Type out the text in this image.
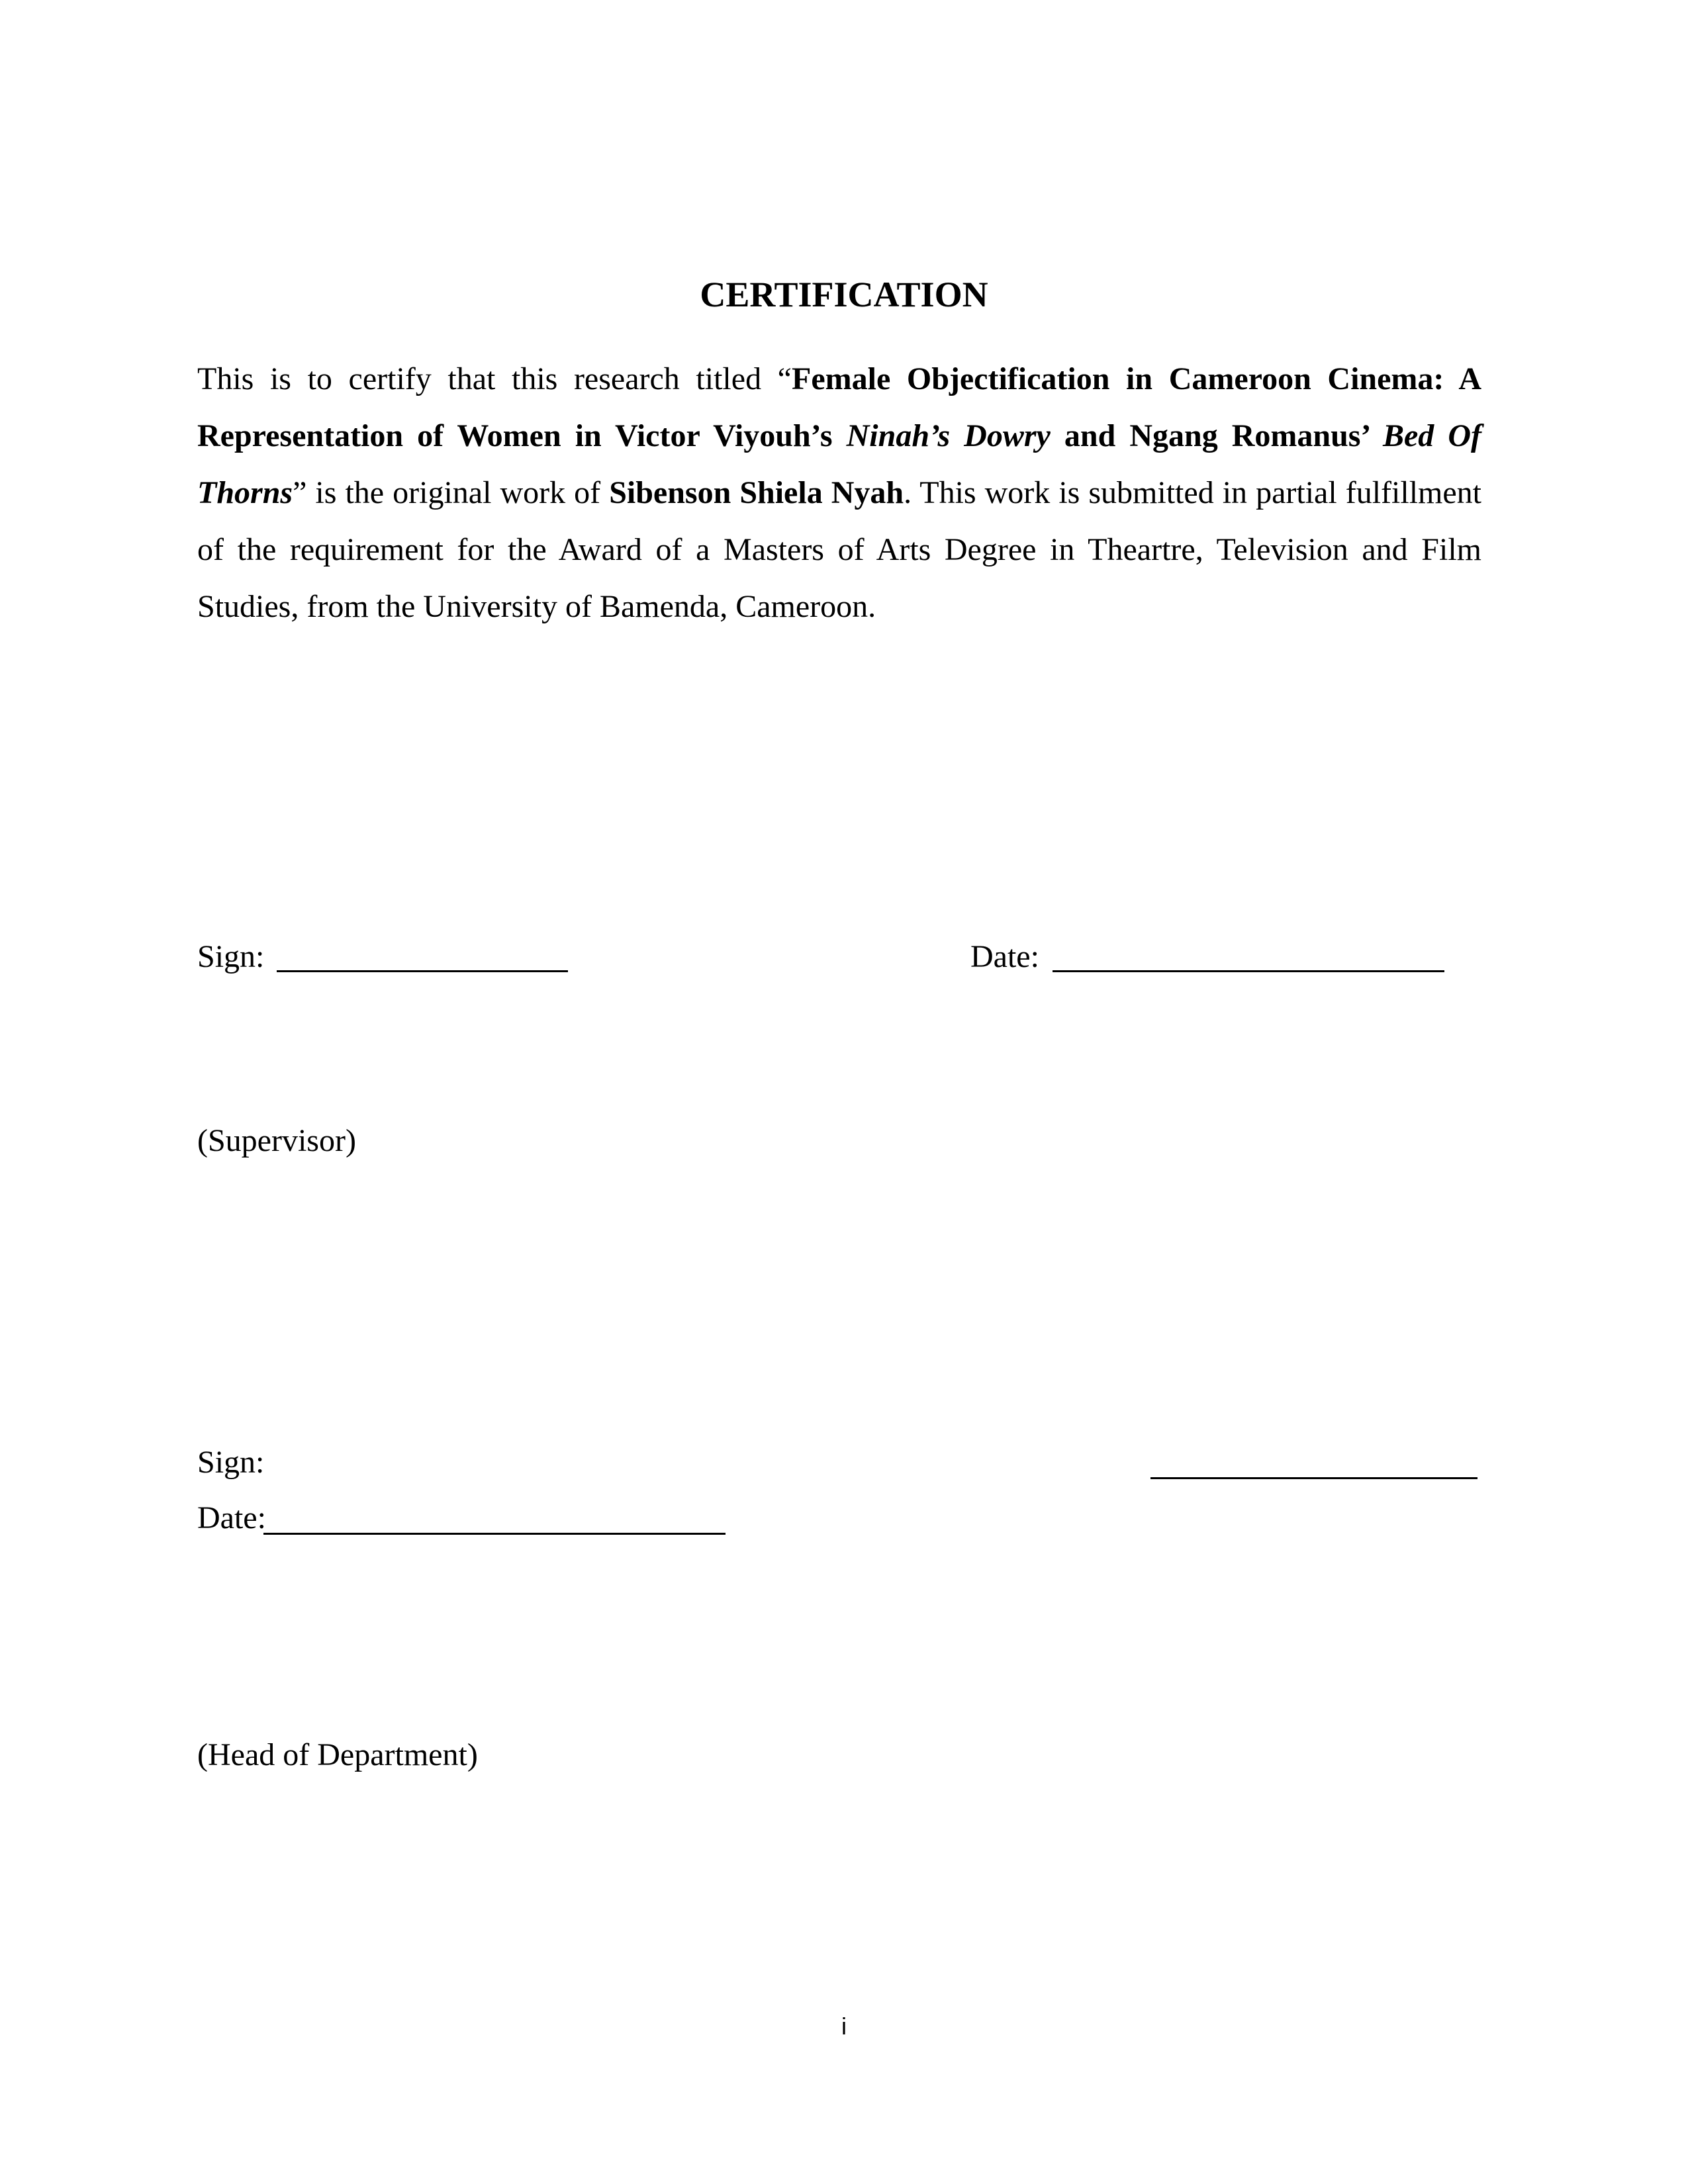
CERTIFICATION
This is to certify that this research titled “Female Objectification in Cameroon Cinema: A Representation of Women in Victor Viyouh’s Ninah’s Dowry and Ngang Romanus’ Bed Of Thorns” is the original work of Sibenson Shiela Nyah. This work is submitted in partial fulfillment of the requirement for the Award of a Masters of Arts Degree in Theartre, Television and Film Studies, from the University of Bamenda, Cameroon.
Sign:	Date:
(Supervisor)
Sign:
Date:
(Head of Department)
i
